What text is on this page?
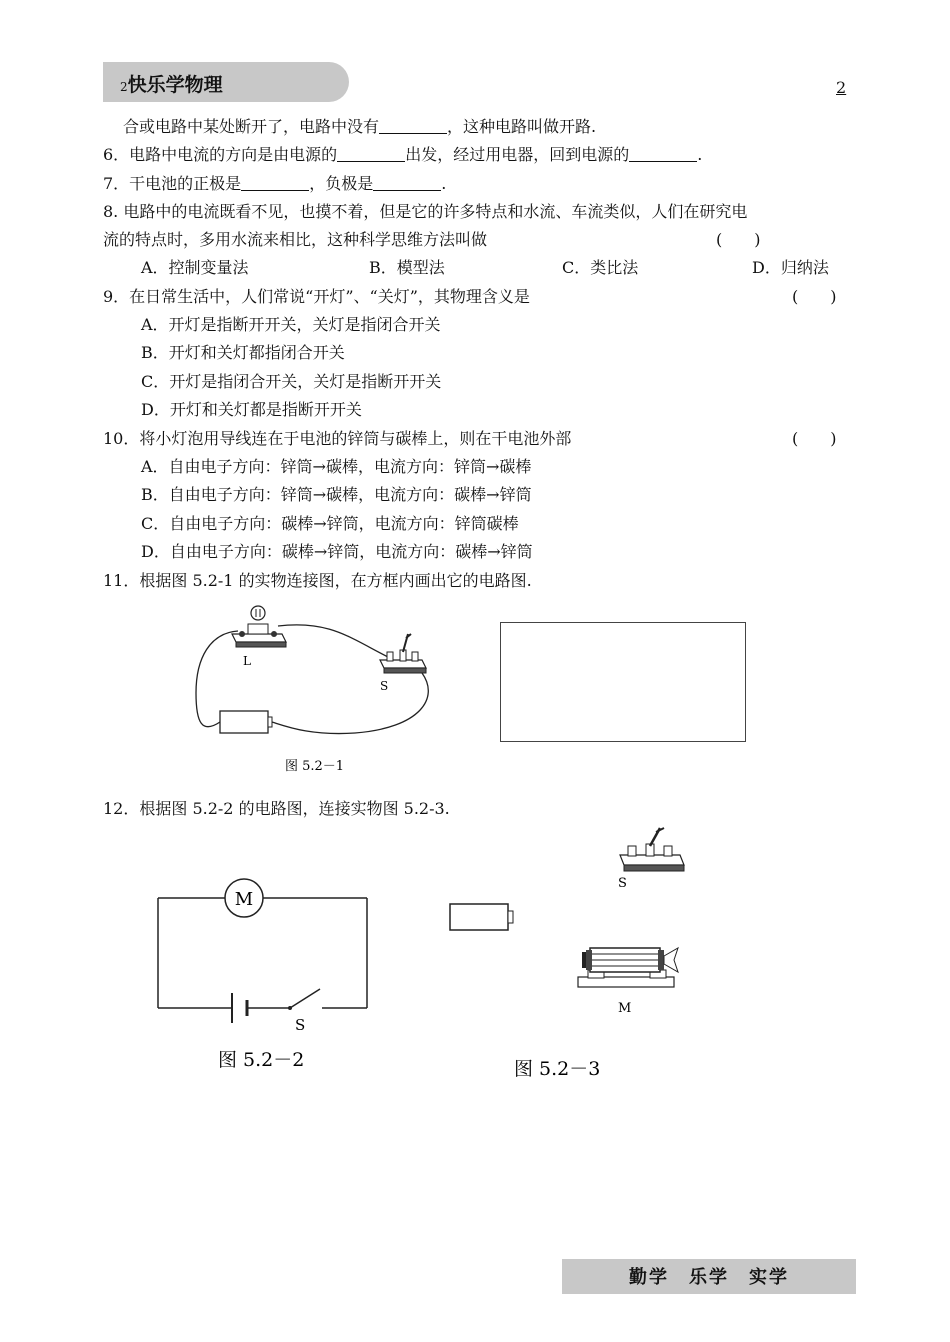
2快乐学物理	2
合或电路中某处断开了，电路中没有	，这种电路叫做开路.
6．电路中电流的方向是由电源的	出发，经过用电器，回到电源的	.
7．干电池的正极是	，负极是	.
8. 电路中的电流既看不见，也摸不着，但是它的许多特点和水流、车流类似，人们在研究电
流的特点时，多用水流来相比，这种科学思维方法叫做	(　　)
A．控制变量法	B．模型法	C．类比法	D．归纳法
9．在日常生活中，人们常说“开灯”、“关灯”，其物理含义是	(　　)
A．开灯是指断开开关，关灯是指闭合开关
B．开灯和关灯都指闭合开关
C．开灯是指闭合开关，关灯是指断开开关
D．开灯和关灯都是指断开开关
10．将小灯泡用导线连在于电池的锌筒与碳棒上，则在干电池外部	(　　)
A．自由电子方向：锌筒→碳棒，电流方向：锌筒→碳棒
B．自由电子方向：锌筒→碳棒，电流方向：碳棒→锌筒
C．自由电子方向：碳棒→锌筒，电流方向：锌筒碳棒
D．自由电子方向：碳棒→锌筒，电流方向：碳棒→锌筒
11．根据图 5.2-1 的实物连接图，在方框内画出它的电路图.
L
S
图 5.2－1
12．根据图 5.2-2 的电路图，连接实物图 5.2-3.
M
S
图 5.2－2
S
M
图 5.2－3
勤学　乐学　实学
